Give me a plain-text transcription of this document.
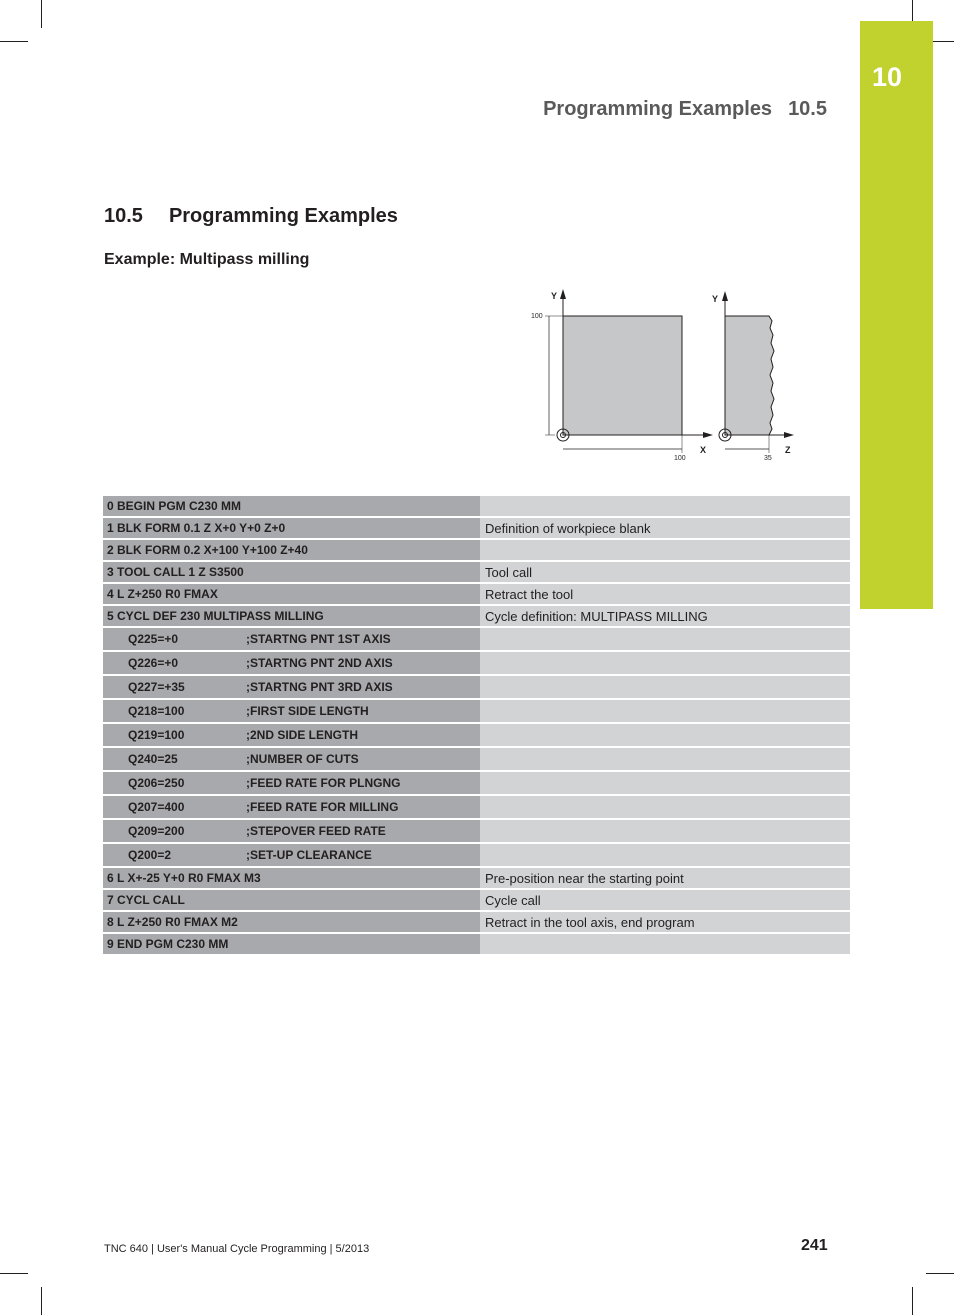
10
Programming Examples 10.5
10.5 Programming Examples
Example: Multipass milling
Y
X
100
100
Y
Z
35
0 BEGIN PGM C230 MM	
1 BLK FORM 0.1 Z X+0 Y+0 Z+0	Definition of workpiece blank
2 BLK FORM 0.2 X+100 Y+100 Z+40	
3 TOOL CALL 1 Z S3500	Tool call
4 L Z+250 R0 FMAX	Retract the tool
5 CYCL DEF 230 MULTIPASS MILLING	Cycle definition: MULTIPASS MILLING
Q225=+0 ;STARTNG PNT 1ST AXIS	
Q226=+0 ;STARTNG PNT 2ND AXIS	
Q227=+35 ;STARTNG PNT 3RD AXIS	
Q218=100 ;FIRST SIDE LENGTH	
Q219=100 ;2ND SIDE LENGTH	
Q240=25 ;NUMBER OF CUTS	
Q206=250 ;FEED RATE FOR PLNGNG	
Q207=400 ;FEED RATE FOR MILLING	
Q209=200 ;STEPOVER FEED RATE	
Q200=2 ;SET-UP CLEARANCE	
6 L X+-25 Y+0 R0 FMAX M3	Pre-position near the starting point
7 CYCL CALL	Cycle call
8 L Z+250 R0 FMAX M2	Retract in the tool axis, end program
9 END PGM C230 MM	
TNC 640 | User's Manual Cycle Programming | 5/2013	241
